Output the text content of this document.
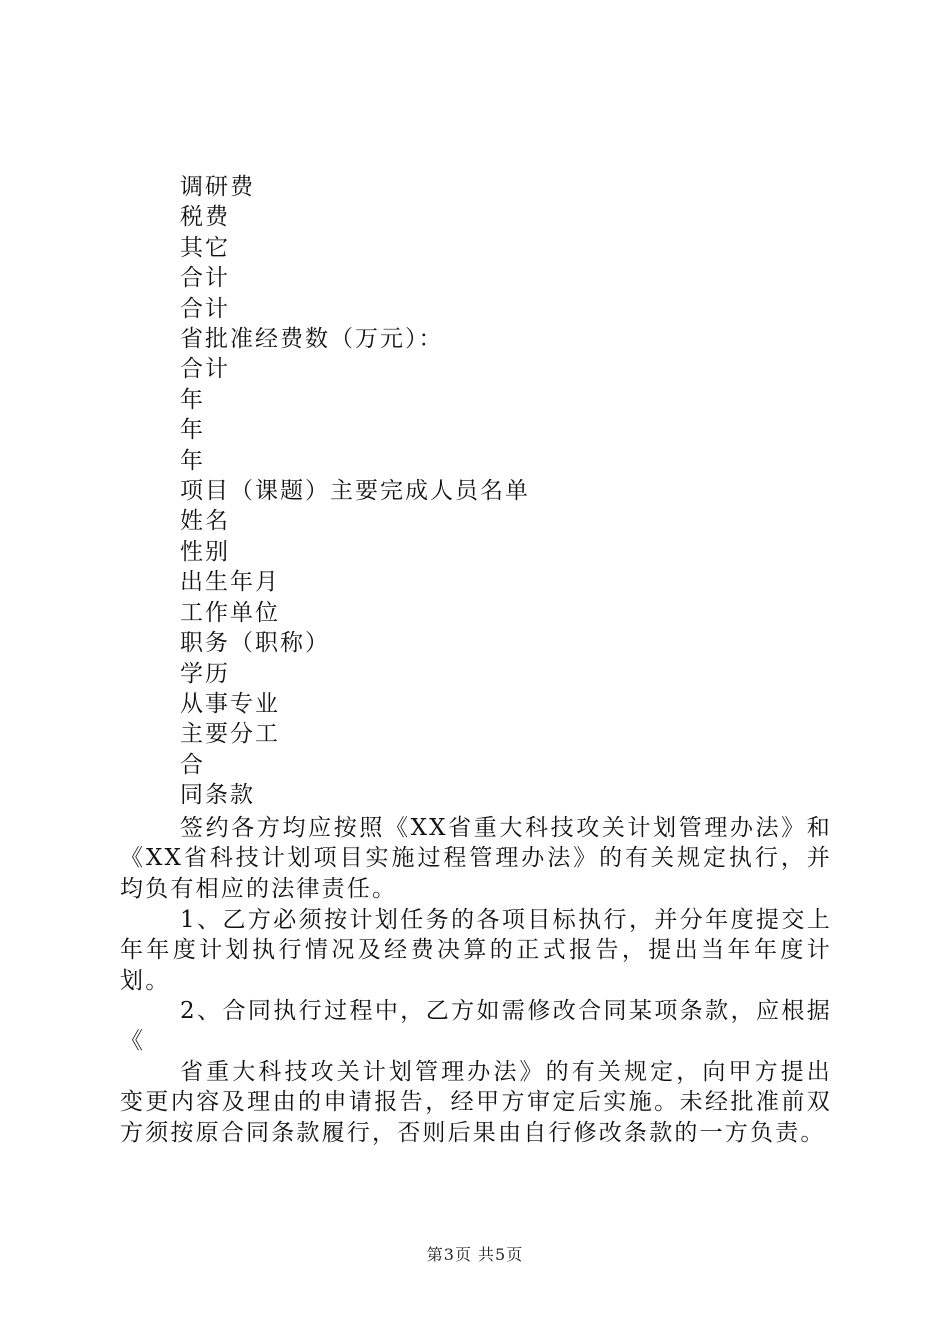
调研费
税费
其它
合计
合计
省批准经费数（万元）：
合计
年
年
年
项目（课题）主要完成人员名单
姓名
性别
出生年月
工作单位
职务（职称）
学历
从事专业
主要分工
合
同条款
签约各方均应按照《XX省重大科技攻关计划管理办法》和《XX省科技计划项目实施过程管理办法》的有关规定执行，并均负有相应的法律责任。
1、乙方必须按计划任务的各项目标执行，并分年度提交上年年度计划执行情况及经费决算的正式报告，提出当年年度计划。
2、合同执行过程中，乙方如需修改合同某项条款，应根据《
省重大科技攻关计划管理办法》的有关规定，向甲方提出变更内容及理由的申请报告，经甲方审定后实施。未经批准前双方须按原合同条款履行，否则后果由自行修改条款的一方负责。
第3页 共5页
